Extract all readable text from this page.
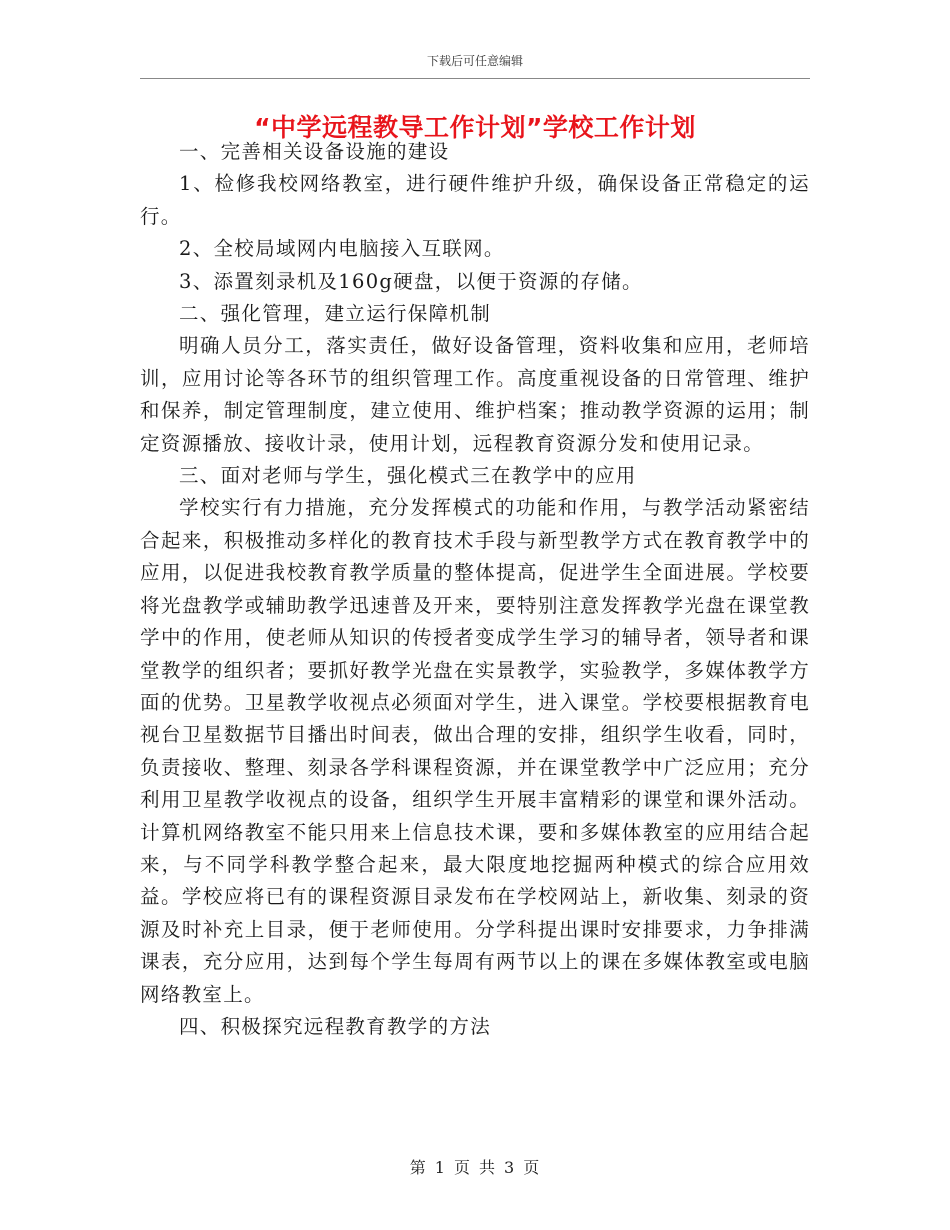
下载后可任意编辑
“中学远程教导工作计划”学校工作计划

一、完善相关设备设施的建设

1、检修我校网络教室，进行硬件维护升级，确保设备正常稳定的运行。

2、全校局域网内电脑接入互联网。

3、添置刻录机及160g硬盘，以便于资源的存储。

二、强化管理，建立运行保障机制

明确人员分工，落实责任，做好设备管理，资料收集和应用，老师培训，应用讨论等各环节的组织管理工作。高度重视设备的日常管理、维护和保养，制定管理制度，建立使用、维护档案；推动教学资源的运用；制定资源播放、接收计录，使用计划，远程教育资源分发和使用记录。

三、面对老师与学生，强化模式三在教学中的应用

学校实行有力措施，充分发挥模式的功能和作用，与教学活动紧密结合起来，积极推动多样化的教育技术手段与新型教学方式在教育教学中的应用，以促进我校教育教学质量的整体提高，促进学生全面进展。学校要将光盘教学或辅助教学迅速普及开来，要特别注意发挥教学光盘在课堂教学中的作用，使老师从知识的传授者变成学生学习的辅导者，领导者和课堂教学的组织者；要抓好教学光盘在实景教学，实验教学，多媒体教学方面的优势。卫星教学收视点必须面对学生，进入课堂。学校要根据教育电视台卫星数据节目播出时间表，做出合理的安排，组织学生收看，同时，负责接收、整理、刻录各学科课程资源，并在课堂教学中广泛应用；充分利用卫星教学收视点的设备，组织学生开展丰富精彩的课堂和课外活动。计算机网络教室不能只用来上信息技术课，要和多媒体教室的应用结合起来，与不同学科教学整合起来，最大限度地挖掘两种模式的综合应用效益。学校应将已有的课程资源目录发布在学校网站上，新收集、刻录的资源及时补充上目录，便于老师使用。分学科提出课时安排要求，力争排满课表，充分应用，达到每个学生每周有两节以上的课在多媒体教室或电脑网络教室上。

四、积极探究远程教育教学的方法

第 1 页 共 3 页
